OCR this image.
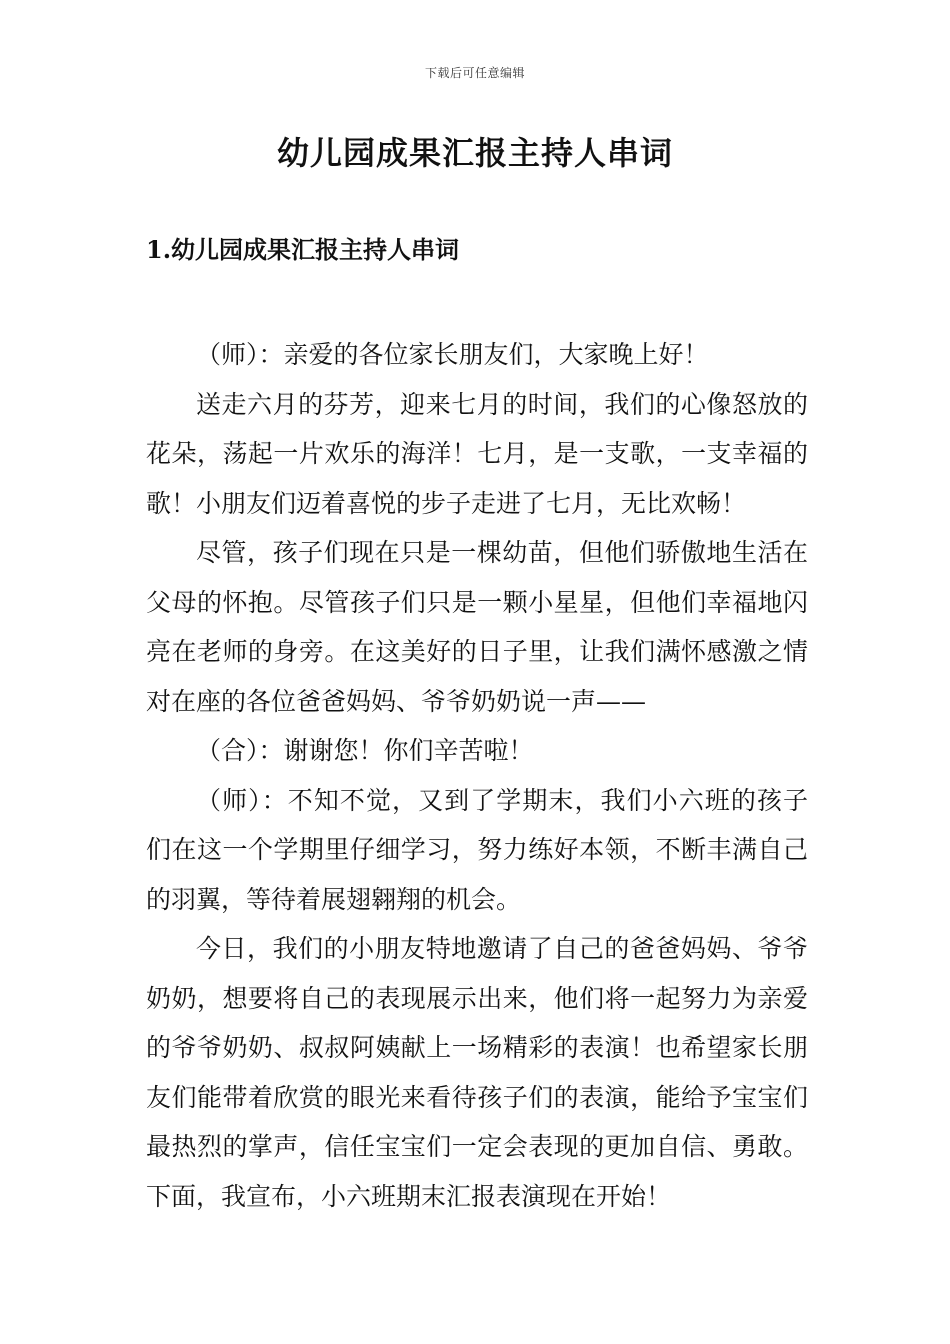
下载后可任意编辑
幼儿园成果汇报主持人串词
1.幼儿园成果汇报主持人串词

（师）：亲爱的各位家长朋友们，大家晚上好！

送走六月的芬芳，迎来七月的时间，我们的心像怒放的花朵，荡起一片欢乐的海洋！七月，是一支歌，一支幸福的歌！小朋友们迈着喜悦的步子走进了七月，无比欢畅！

尽管，孩子们现在只是一棵幼苗，但他们骄傲地生活在父母的怀抱。尽管孩子们只是一颗小星星，但他们幸福地闪亮在老师的身旁。在这美好的日子里，让我们满怀感激之情对在座的各位爸爸妈妈、爷爷奶奶说一声——

（合）：谢谢您！你们辛苦啦！

（师）：不知不觉，又到了学期末，我们小六班的孩子们在这一个学期里仔细学习，努力练好本领，不断丰满自己的羽翼，等待着展翅翱翔的机会。

今日，我们的小朋友特地邀请了自己的爸爸妈妈、爷爷奶奶，想要将自己的表现展示出来，他们将一起努力为亲爱的爷爷奶奶、叔叔阿姨献上一场精彩的表演！也希望家长朋友们能带着欣赏的眼光来看待孩子们的表演，能给予宝宝们最热烈的掌声，信任宝宝们一定会表现的更加自信、勇敢。下面，我宣布，小六班期末汇报表演现在开始！
